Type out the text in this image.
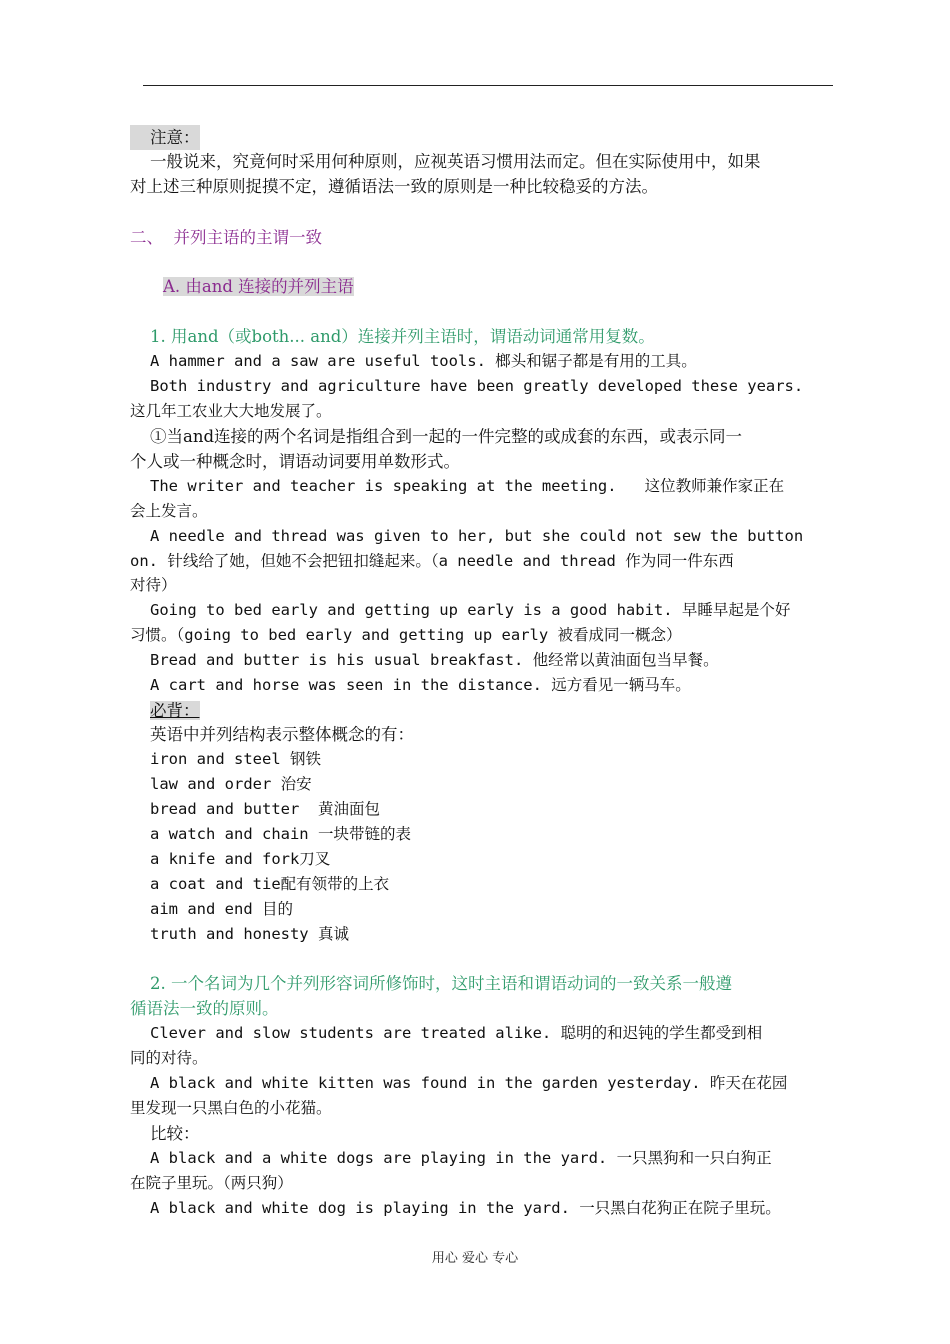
注意：
一般说来，究竟何时采用何种原则，应视英语习惯用法而定。但在实际使用中，如果
对上述三种原则捉摸不定，遵循语法一致的原则是一种比较稳妥的方法。
二、  并列主语的主谓一致
A. 由and 连接的并列主语
1. 用and（或both... and）连接并列主语时，谓语动词通常用复数。
A hammer and a saw are useful tools. 榔头和锯子都是有用的工具。
Both industry and agriculture have been greatly developed these years.
这几年工农业大大地发展了。
①当and连接的两个名词是指组合到一起的一件完整的或成套的东西，或表示同一
个人或一种概念时，谓语动词要用单数形式。
The writer and teacher is speaking at the meeting.   这位教师兼作家正在
会上发言。
A needle and thread was given to her, but she could not sew the button
on. 针线给了她，但她不会把钮扣缝起来。（a needle and thread 作为同一件东西
对待）
Going to bed early and getting up early is a good habit. 早睡早起是个好
习惯。（going to bed early and getting up early 被看成同一概念）
Bread and butter is his usual breakfast. 他经常以黄油面包当早餐。
A cart and horse was seen in the distance. 远方看见一辆马车。
必背：
英语中并列结构表示整体概念的有：
iron and steel 钢铁
law and order 治安
bread and butter  黄油面包
a watch and chain 一块带链的表
a knife and fork刀叉
a coat and tie配有领带的上衣
aim and end 目的
truth and honesty 真诚
2. 一个名词为几个并列形容词所修饰时，这时主语和谓语动词的一致关系一般遵
循语法一致的原则。
Clever and slow students are treated alike. 聪明的和迟钝的学生都受到相
同的对待。
A black and white kitten was found in the garden yesterday. 昨天在花园
里发现一只黑白色的小花猫。
比较：
A black and a white dogs are playing in the yard. 一只黑狗和一只白狗正
在院子里玩。（两只狗）
A black and white dog is playing in the yard. 一只黑白花狗正在院子里玩。
用心 爱心 专心
